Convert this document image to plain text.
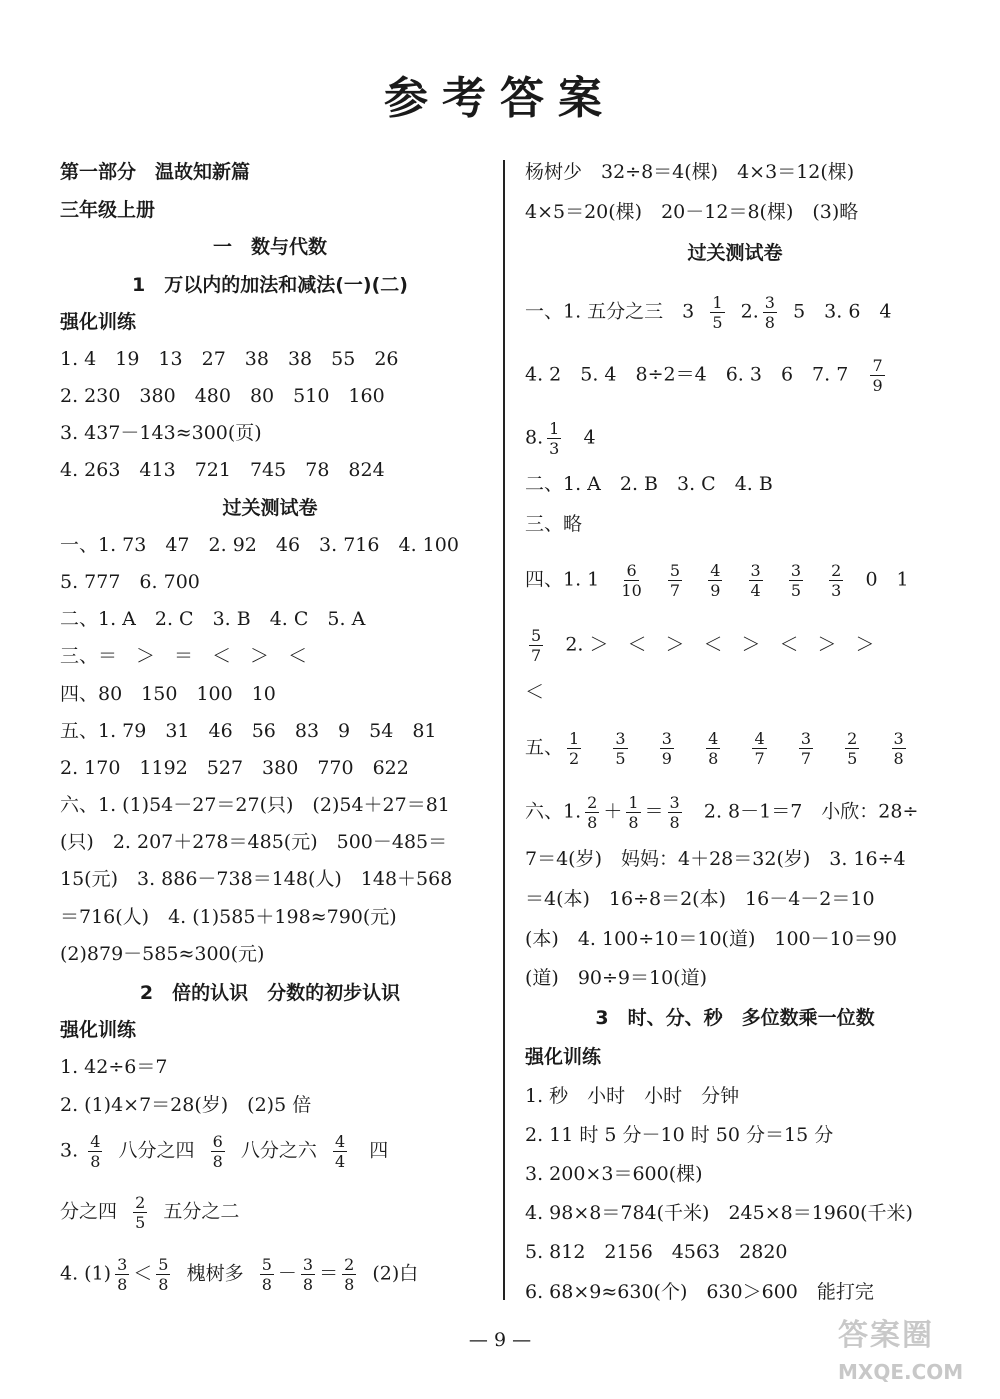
参考答案
第一部分　温故知新篇
三年级上册
一　数与代数
1　万以内的加法和减法(一)(二)
强化训练
1. 4　19　13　27　38　38　55　26
2. 230　380　480　80　510　160
3. 437－143≈300(页)
4. 263　413　721　745　78　824
过关测试卷
一、1. 73　47　2. 92　46　3. 716　4. 100
5. 777　6. 700
二、1. A　2. C　3. B　4. C　5. A
三、＝　＞　＝　＜　＞　＜
四、80　150　100　10
五、1. 79　31　46　56　83　9　54　81
2. 170　1192　527　380　770　622
六、1. (1)54－27＝27(只)　(2)54＋27＝81
(只)　2. 207＋278＝485(元)　500－485＝
15(元)　3. 886－738＝148(人)　148＋568
＝716(人)　4. (1)585＋198≈790(元)
(2)879－585≈300(元)
2　倍的认识　分数的初步认识
强化训练
1. 42÷6＝7
2. (1)4×7＝28(岁)　(2)5 倍
3. $\frac{4}{8}$ 八分之四 $\frac{6}{8}$ 八分之六 $\frac{4}{4}$ 四
分之四 $\frac{2}{5}$ 五分之二
4. $(1) \frac{3}{8} < \frac{5}{8}$ 槐树多 $\frac{5}{8} - \frac{3}{8} = \frac{2}{8} (2)$白
杨树少　32÷8＝4(棵)　4×3＝12(棵)
4×5＝20(棵)　20－12＝8(棵)　(3)略
过关测试卷
一、1. 五分之三　$3 \frac{1}{5} 2$. $\frac{3}{8} 5$　3. 6　4
4. 2　5. 4　8÷2＝4　6. 3　6　7. $7 \frac{7}{9}$
8. $\frac{1}{3} 4$
二、1. A　2. B　3. C　4. B
三、略
四、1. $1 \frac{6}{10}$
$\frac{5}{7}$
$\frac{4}{9}$
$\frac{3}{4}$
$\frac{3}{5}$
$\frac{2}{3} 0$　1
$\frac{5}{7} 2$. ＞　＜　＞　＜　＞　＜　＞　＞
＜
五、 $\frac{1}{2}$
$\frac{3}{5}$
$\frac{3}{9}$
$\frac{4}{8}$
$\frac{4}{7}$
$\frac{3}{7}$
$\frac{2}{5}$
$\frac{3}{8}$
六、1. $\frac{2}{8} + \frac{1}{8} = \frac{3}{8} 2$. 8－1＝7　小欣：28÷
7＝4(岁)　妈妈：4＋28＝32(岁)　3. 16÷4
＝4(本)　16÷8＝2(本)　16－4－2＝10
(本)　4. 100÷10＝10(道)　100－10＝90
(道)　90÷9＝10(道)
3　时、分、秒　多位数乘一位数
强化训练
1. 秒　小时　小时　分钟
2. 11 时 5 分－10 时 50 分＝15 分
3. 200×3＝600(棵)
4. 98×8＝784(千米)　245×8＝1960(千米)
5. 812　2156　4563　2820
6. 68×9≈630(个)　630＞600　能打完
— 9 —	答案圈
MXQE.COM
